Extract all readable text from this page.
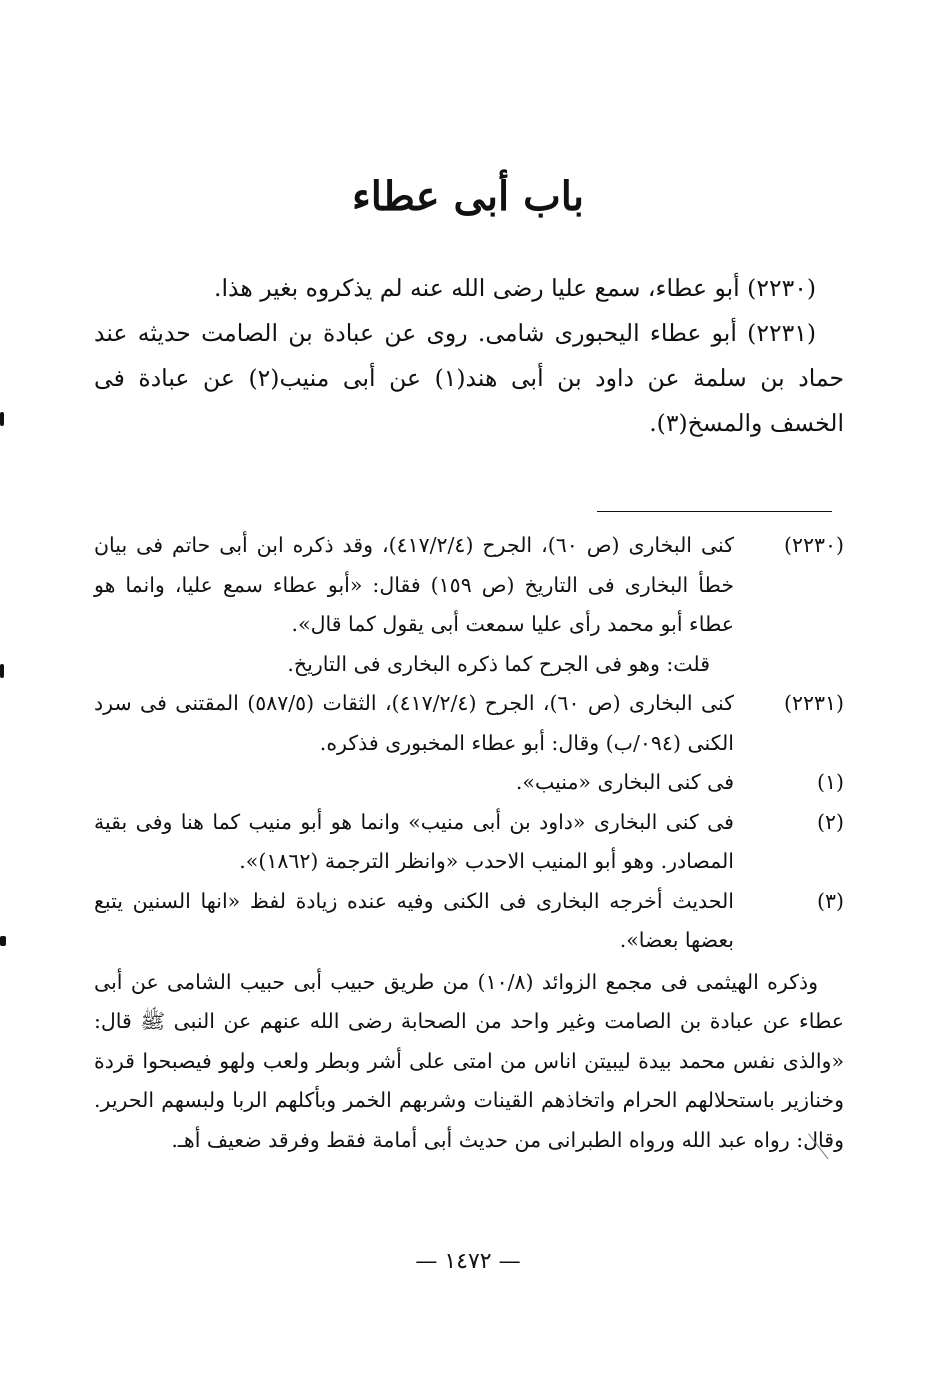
باب أبى عطاء

(٢٢٣٠) أبو عطاء، سمع عليا رضى الله عنه لم يذكروه بغير هذا.

(٢٢٣١) أبو عطاء اليحبورى شامى. روى عن عبادة بن الصامت حديثه عند حماد بن سلمة عن داود بن أبى هند(١) عن أبى منيب(٢) عن عبادة فى الخسف والمسخ(٣).

(٢٢٣٠)

كنى البخارى (ص ٦٠)، الجرح (٤١٧/٢/٤)، وقد ذكره ابن أبى حاتم فى بيان خطأ البخارى فى التاريخ (ص ١٥٩) فقال: «أبو عطاء سمع عليا، وانما هو عطاء أبو محمد رأى عليا سمعت أبى يقول كما قال».

قلت: وهو فى الجرح كما ذكره البخارى فى التاريخ.

(٢٢٣١)

كنى البخارى (ص ٦٠)، الجرح (٤١٧/٢/٤)، الثقات (٥٨٧/٥) المقتنى فى سرد الكنى (٠٩٤/ب) وقال: أبو عطاء المخبورى فذكره.

(١)

فى كنى البخارى «منيب».

(٢)

فى كنى البخارى «داود بن أبى منيب» وانما هو أبو منيب كما هنا وفى بقية المصادر. وهو أبو المنيب الاحدب «وانظر الترجمة (١٨٦٢)».

(٣)

الحديث أخرجه البخارى فى الكنى وفيه عنده زيادة لفظ «انها السنين يتبع بعضها بعضا».

وذكره الهيثمى فى مجمع الزوائد (١٠/٨) من طريق حبيب أبى حبيب الشامى عن أبى عطاء عن عبادة بن الصامت وغير واحد من الصحابة رضى الله عنهم عن النبى ﷺ قال: «والذى نفس محمد بيدة ليبيتن اناس من امتى على أشر وبطر ولعب ولهو فيصبحوا قردة وخنازير باستحلالهم الحرام واتخاذهم القينات وشربهم الخمر وبأكلهم الربا ولبسهم الحرير. وقال: رواه عبد الله ورواه الطبرانى من حديث أبى أمامة فقط وفرقد ضعيف أهـ.

— ١٤٧٢ —
